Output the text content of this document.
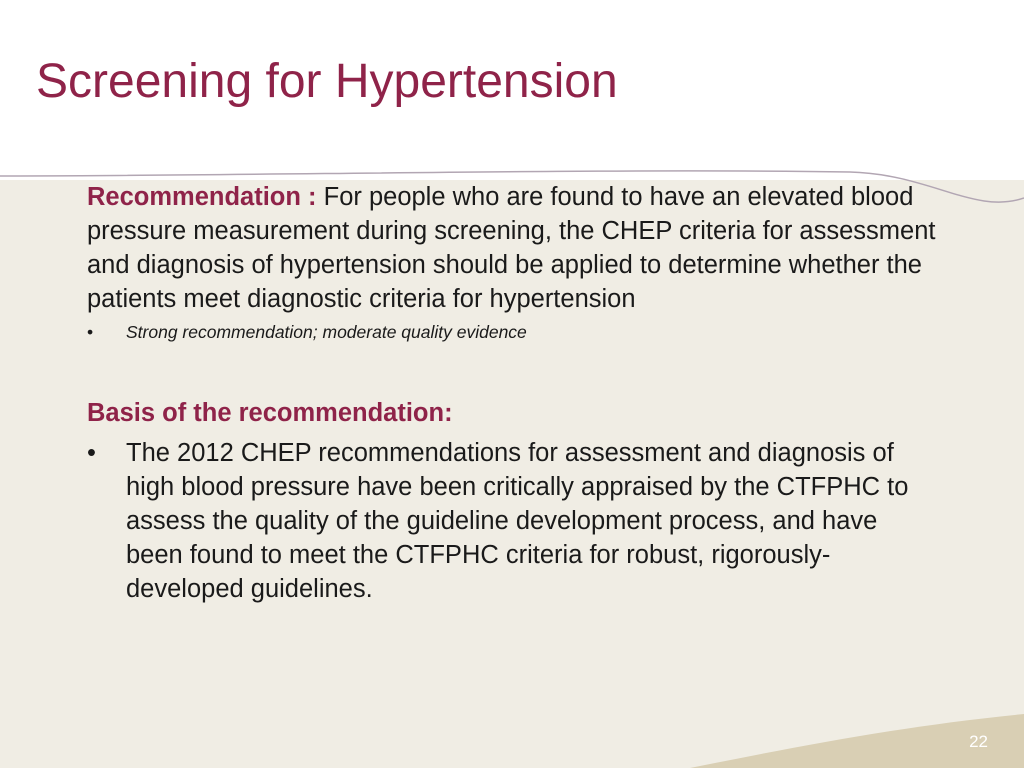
Screening for Hypertension

Recommendation : For people who are found to have an elevated blood pressure measurement during screening, the CHEP criteria for assessment and diagnosis of hypertension should be applied to determine whether the patients meet diagnostic criteria for hypertension

• Strong recommendation; moderate quality evidence

Basis of the recommendation:

• The 2012 CHEP recommendations for assessment and diagnosis of high blood pressure have been critically appraised by the CTFPHC to assess the quality of the guideline development process, and have been found to meet the CTFPHC criteria for robust, rigorously-developed guidelines.
22
